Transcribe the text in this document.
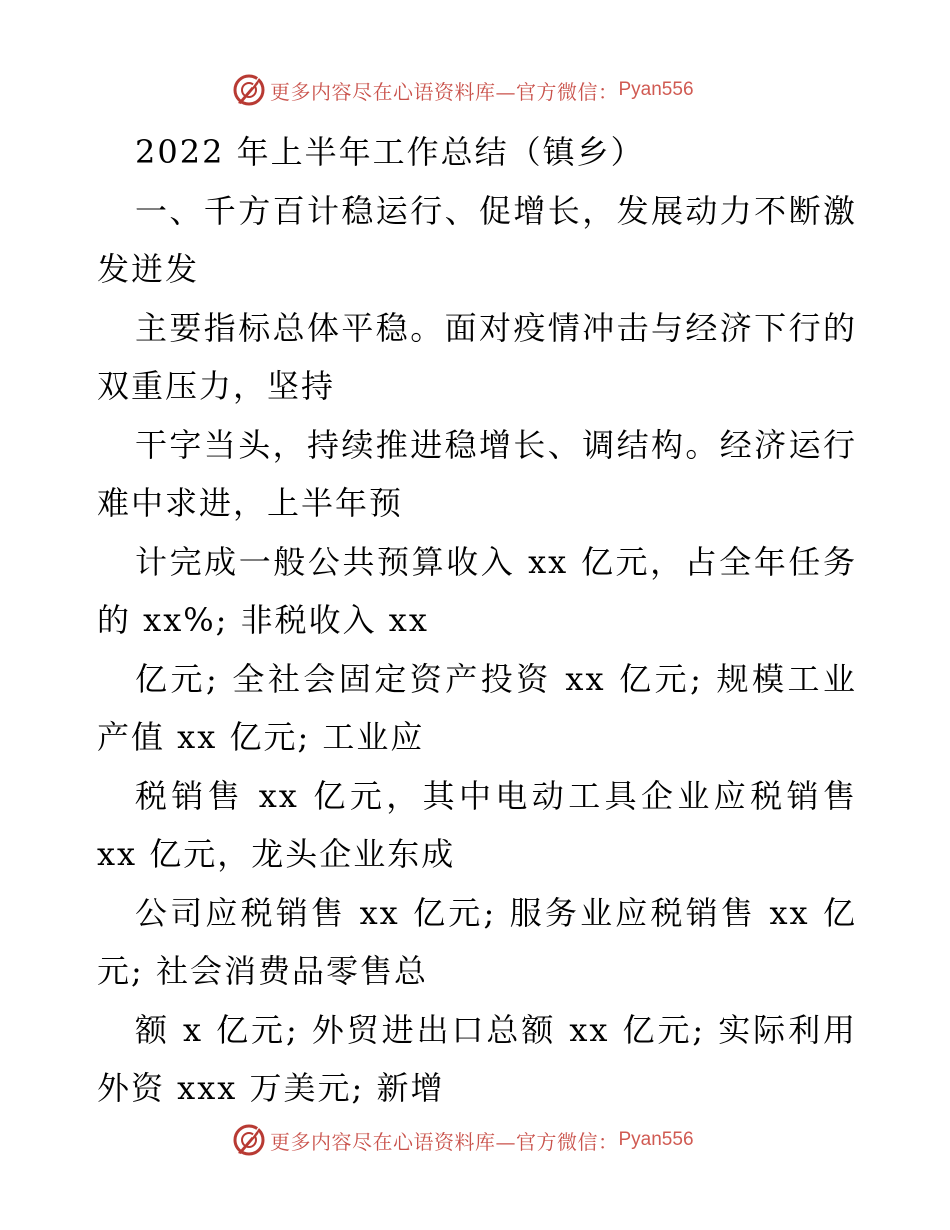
更多内容尽在心语资料库—官方微信： Pyan556

2022 年上半年工作总结（镇乡）

一、千方百计稳运行、促增长，发展动力不断激发迸发

主要指标总体平稳。面对疫情冲击与经济下行的双重压力，坚持

干字当头，持续推进稳增长、调结构。经济运行难中求进，上半年预

计完成一般公共预算收入 xx 亿元，占全年任务的 xx%; 非税收入 xx

亿元; 全社会固定资产投资 xx 亿元; 规模工业产值 xx 亿元; 工业应

税销售 xx 亿元，其中电动工具企业应税销售 xx 亿元，龙头企业东成

公司应税销售 xx 亿元; 服务业应税销售 xx 亿元; 社会消费品零售总

额 x 亿元; 外贸进出口总额 xx 亿元; 实际利用外资 xxx 万美元; 新增

更多内容尽在心语资料库—官方微信： Pyan556
